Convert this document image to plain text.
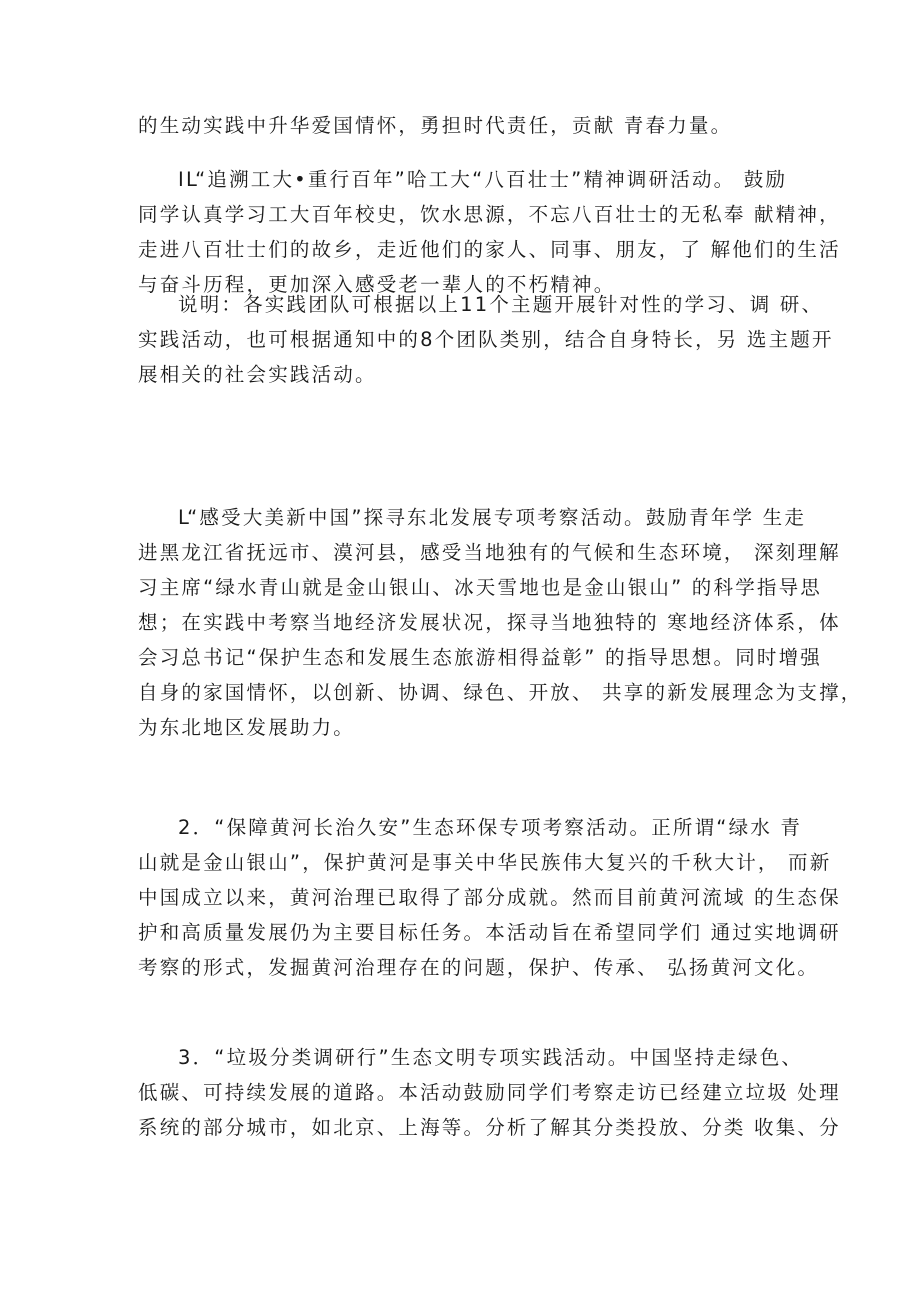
的生动实践中升华爱国情怀，勇担时代责任，贡献 青春力量。
IL“追溯工大•重行百年”哈工大“八百壮士”精神调研活动。 鼓励
同学认真学习工大百年校史，饮水思源，不忘八百壮士的无私奉 献精神，
走进八百壮士们的故乡，走近他们的家人、同事、朋友，了 解他们的生活
与奋斗历程，更加深入感受老一辈人的不朽精神。
说明：各实践团队可根据以上11个主题开展针对性的学习、调 研、
实践活动，也可根据通知中的8个团队类别，结合自身特长，另 选主题开
展相关的社会实践活动。
L“感受大美新中国”探寻东北发展专项考察活动。鼓励青年学 生走
进黑龙江省抚远市、漠河县，感受当地独有的气候和生态环境， 深刻理解
习主席“绿水青山就是金山银山、冰天雪地也是金山银山” 的科学指导思
想；在实践中考察当地经济发展状况，探寻当地独特的 寒地经济体系，体
会习总书记“保护生态和发展生态旅游相得益彰” 的指导思想。同时增强
自身的家国情怀，以创新、协调、绿色、开放、 共享的新发展理念为支撑，
为东北地区发展助力。
2．“保障黄河长治久安”生态环保专项考察活动。正所谓“绿水 青
山就是金山银山”，保护黄河是事关中华民族伟大复兴的千秋大计， 而新
中国成立以来，黄河治理已取得了部分成就。然而目前黄河流域 的生态保
护和高质量发展仍为主要目标任务。本活动旨在希望同学们 通过实地调研
考察的形式，发掘黄河治理存在的问题，保护、传承、 弘扬黄河文化。
3．“垃圾分类调研行”生态文明专项实践活动。中国坚持走绿色、
低碳、可持续发展的道路。本活动鼓励同学们考察走访已经建立垃圾 处理
系统的部分城市，如北京、上海等。分析了解其分类投放、分类 收集、分
